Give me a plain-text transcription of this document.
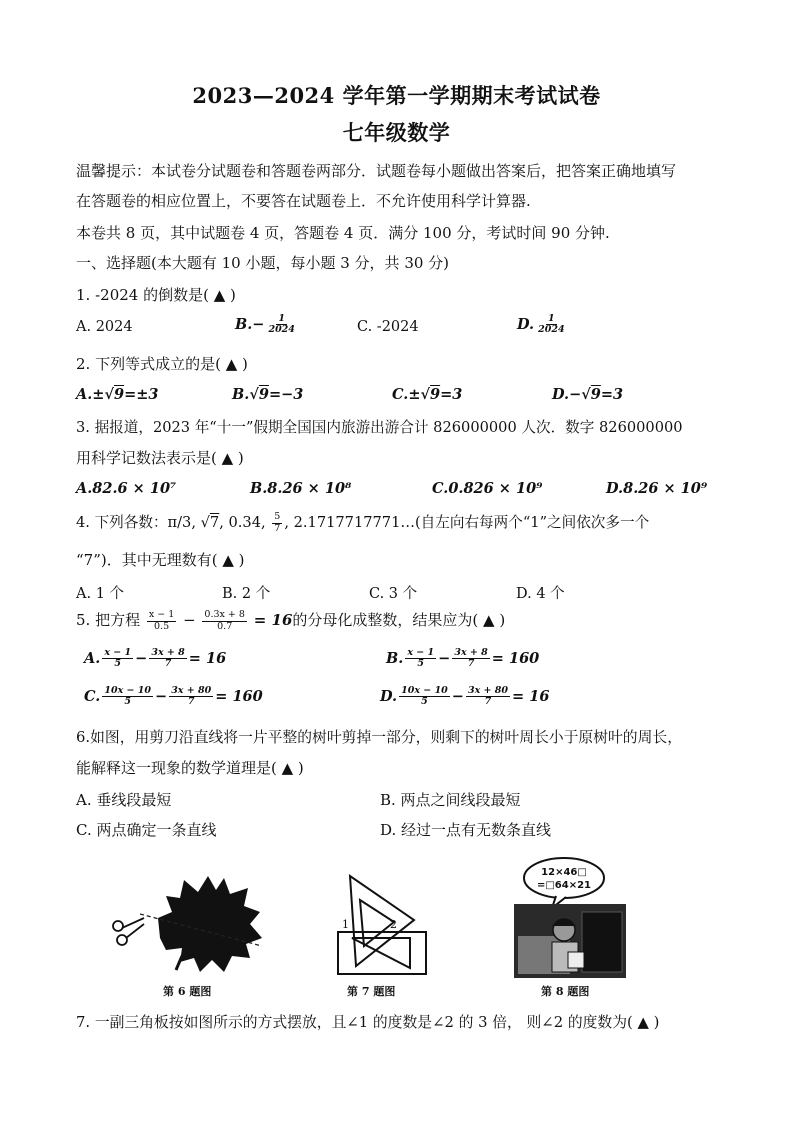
2023—2024 学年第一学期期末考试试卷
七年级数学
温馨提示：本试卷分试题卷和答题卷两部分．试题卷每小题做出答案后，把答案正确地填写
在答题卷的相应位置上，不要答在试题卷上．不允许使用科学计算器.
本卷共 8 页，其中试题卷 4 页，答题卷 4 页．满分 100 分，考试时间 90 分钟.
一、选择题(本大题有 10 小题，每小题 3 分，共 30 分)
1. -2024 的倒数是( ▲ )
A. 2024	$B.- \frac{1}{2024}$	C. -2024	D. $\frac{1}{2024}$
2. 下列等式成立的是( ▲ )
A.±√9=±3	B.√9=−3	C.±√9=3	D.−√9=3
3. 据报道，2023 年“十一”假期全国国内旅游出游合计 826000000 人次．数字 826000000
用科学记数法表示是( ▲ )
A.82.6 × 10⁷	B.8.26 × 10⁸	C.0.826 × 10⁹	D.8.26 × 10⁹
4. 下列各数：π/3, √7, 0.34, $\frac{5}{7}$ , 2.1717717771…(自左向右每两个“1”之间依次多一个
“7”)．其中无理数有( ▲ )
A. 1 个	B. 2 个	C. 3 个	D. 4 个
5. 把方程 $\frac{x - 1}{0.5} - \frac{0.3x + 8}{0.7} = 16$的分母化成整数，结果应为( ▲ )
A. $\frac{x - 1}{5} - \frac{3x + 8}{7} = 16$	B. $\frac{x - 1}{5} - \frac{3x + 8}{7} = 160$
C. $\frac{10x - 10}{5} - \frac{3x + 80}{7} = 160$	D. $\frac{10x - 10}{5} - \frac{3x + 80}{7} = 16$
6.如图，用剪刀沿直线将一片平整的树叶剪掉一部分，则剩下的树叶周长小于原树叶的周长，
能解释这一现象的数学道理是( ▲ )
A. 垂线段最短	B. 两点之间线段最短
C. 两点确定一条直线	D. 经过一点有无数条直线
第 6 题图
1	2
第 7 题图
12×46□
=□64×21
第 8 题图
7. 一副三角板按如图所示的方式摆放，且∠1 的度数是∠2 的 3 倍， 则∠2 的度数为( ▲ )
